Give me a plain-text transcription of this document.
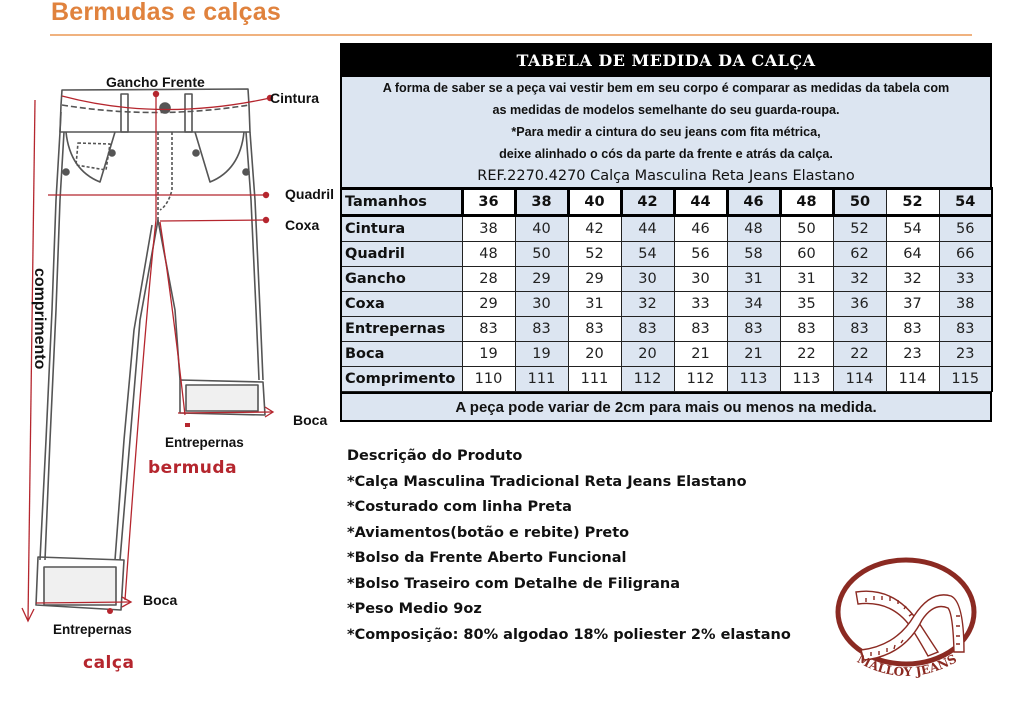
Bermudas e calças
Gancho Frente
Cintura
Quadril
Coxa
comprimento
Boca
Entrepernas
bermuda
Boca
Entrepernas
calça
TABELA DE MEDIDA DA CALÇA
A forma de saber se a peça vai vestir bem em seu corpo é comparar as medidas da tabela com
as medidas de modelos semelhante do seu guarda-roupa.
*Para medir a cintura do seu jeans com fita métrica,
deixe alinhado o cós da parte da frente e atrás da calça.
REF.2270.4270 Calça Masculina Reta Jeans Elastano
Tamanhos	36	38	40	42	44	46	48	50	52	54
Cintura	38	40	42	44	46	48	50	52	54	56
Quadril	48	50	52	54	56	58	60	62	64	66
Gancho	28	29	29	30	30	31	31	32	32	33
Coxa	29	30	31	32	33	34	35	36	37	38
Entrepernas	83	83	83	83	83	83	83	83	83	83
Boca	19	19	20	20	21	21	22	22	23	23
Comprimento	110	111	111	112	112	113	113	114	114	115
A peça pode variar de 2cm para mais ou menos na medida.
Descrição do Produto
*Calça Masculina Tradicional Reta Jeans Elastano
*Costurado com linha Preta
*Aviamentos(botão e rebite) Preto
*Bolso da Frente Aberto Funcional
*Bolso Traseiro com Detalhe de Filigrana
*Peso Medio 9oz
*Composição: 80% algodao 18% poliester 2% elastano
MALLOY JEANS
